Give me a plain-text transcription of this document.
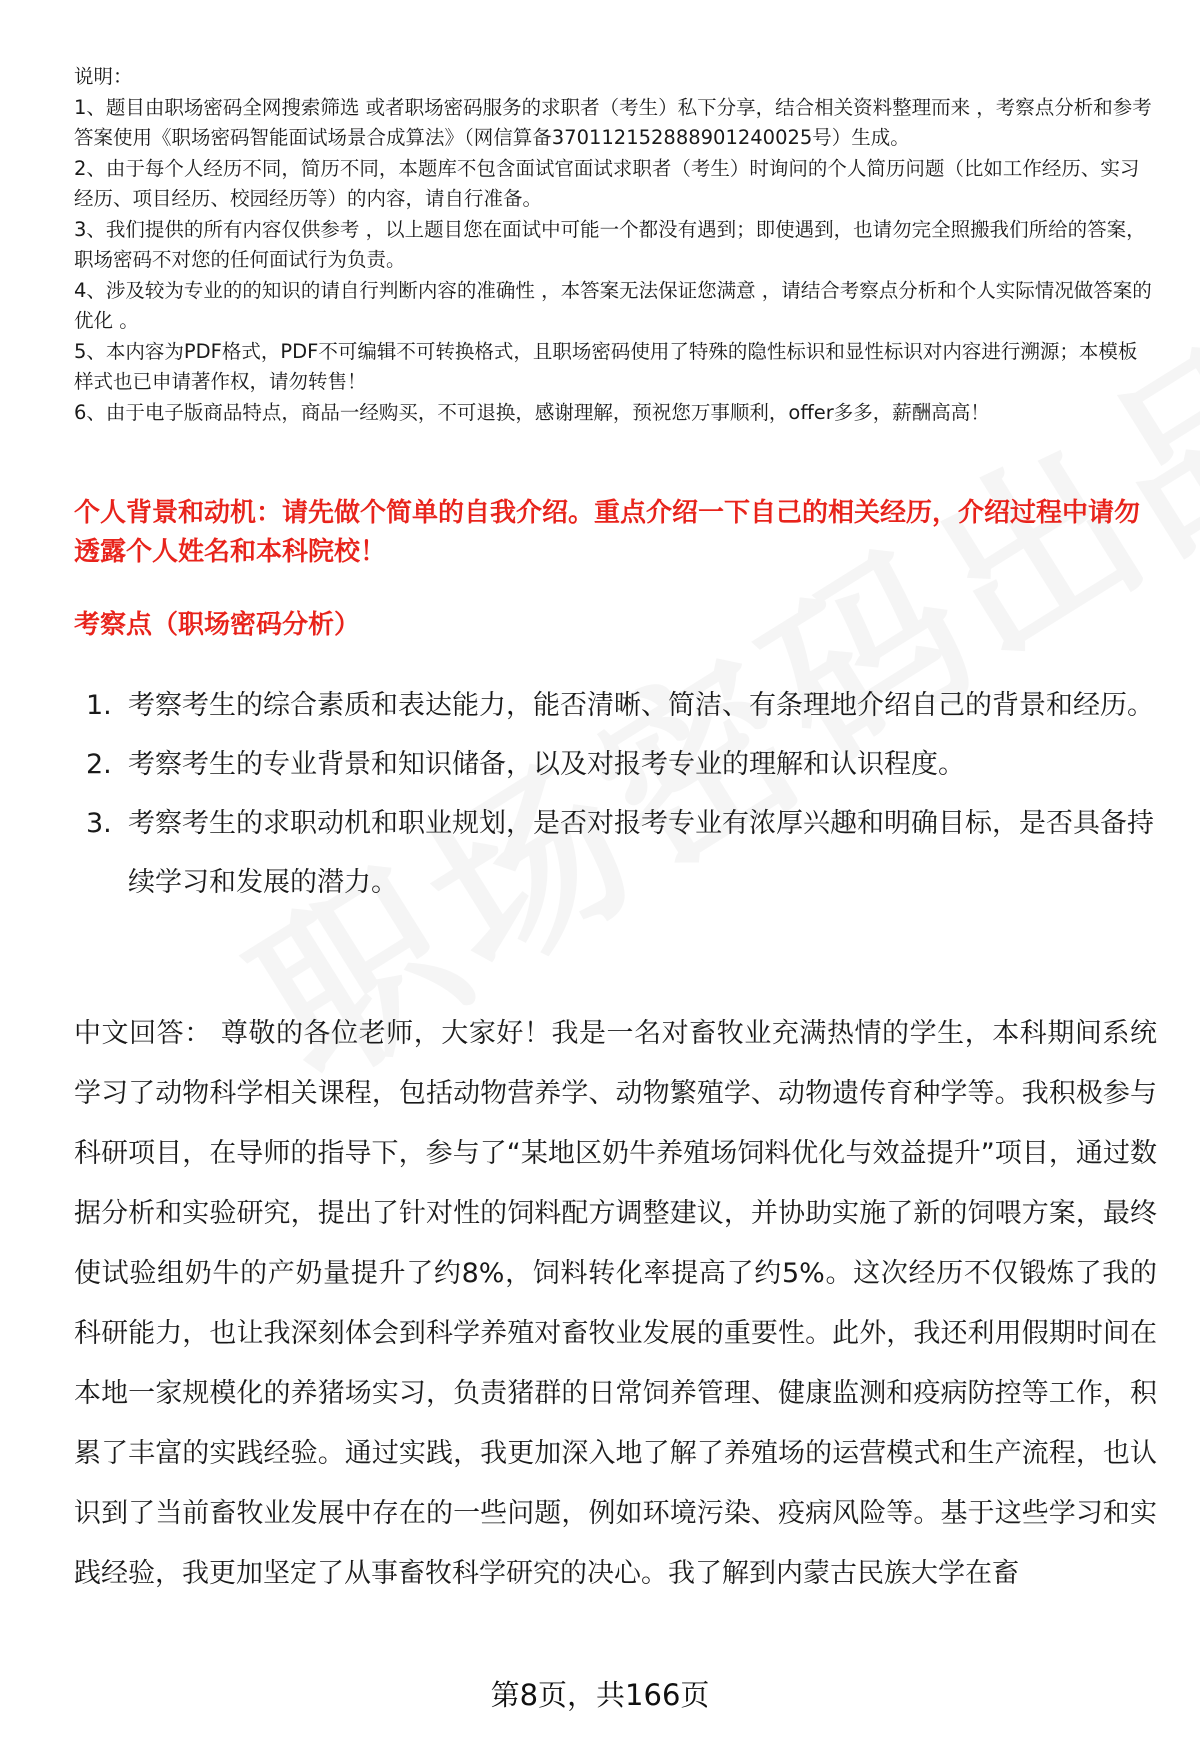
说明：

1、题目由职场密码全网搜索筛选 或者职场密码服务的求职者（考生）私下分享，结合相关资料整理而来 ，考察点分析和参考答案使用《职场密码智能面试场景合成算法》（网信算备370112152888901240025号）生成。

2、由于每个人经历不同，简历不同，本题库不包含面试官面试求职者（考生）时询问的个人简历问题（比如工作经历、实习经历、项目经历、校园经历等）的内容，请自行准备。

3、我们提供的所有内容仅供参考 ，以上题目您在面试中可能一个都没有遇到；即使遇到，也请勿完全照搬我们所给的答案，职场密码不对您的任何面试行为负责。

4、涉及较为专业的的知识的请自行判断内容的准确性 ，本答案无法保证您满意 ，请结合考察点分析和个人实际情况做答案的优化 。

5、本内容为PDF格式，PDF不可编辑不可转换格式，且职场密码使用了特殊的隐性标识和显性标识对内容进行溯源；本模板样式也已申请著作权，请勿转售！

6、由于电子版商品特点，商品一经购买，不可退换，感谢理解，预祝您万事顺利，offer多多，薪酬高高！

个人背景和动机：请先做个简单的自我介绍。重点介绍一下自己的相关经历，介绍过程中请勿透露个人姓名和本科院校！
考察点（职场密码分析）
1. 考察考生的综合素质和表达能力，能否清晰、简洁、有条理地介绍自己的背景和经历。
2. 考察考生的专业背景和知识储备，以及对报考专业的理解和认识程度。
3. 考察考生的求职动机和职业规划，是否对报考专业有浓厚兴趣和明确目标，是否具备持续学习和发展的潜力。

中文回答： 尊敬的各位老师，大家好！我是一名对畜牧业充满热情的学生，本科期间系统学习了动物科学相关课程，包括动物营养学、动物繁殖学、动物遗传育种学等。我积极参与科研项目，在导师的指导下，参与了“某地区奶牛养殖场饲料优化与效益提升”项目，通过数据分析和实验研究，提出了针对性的饲料配方调整建议，并协助实施了新的饲喂方案，最终使试验组奶牛的产奶量提升了约8%，饲料转化率提高了约5%。这次经历不仅锻炼了我的科研能力，也让我深刻体会到科学养殖对畜牧业发展的重要性。此外，我还利用假期时间在本地一家规模化的养猪场实习，负责猪群的日常饲养管理、健康监测和疫病防控等工作，积累了丰富的实践经验。通过实践，我更加深入地了解了养殖场的运营模式和生产流程，也认识到了当前畜牧业发展中存在的一些问题，例如环境污染、疫病风险等。基于这些学习和实践经验，我更加坚定了从事畜牧科学研究的决心。我了解到内蒙古民族大学在畜

第8页，共166页
